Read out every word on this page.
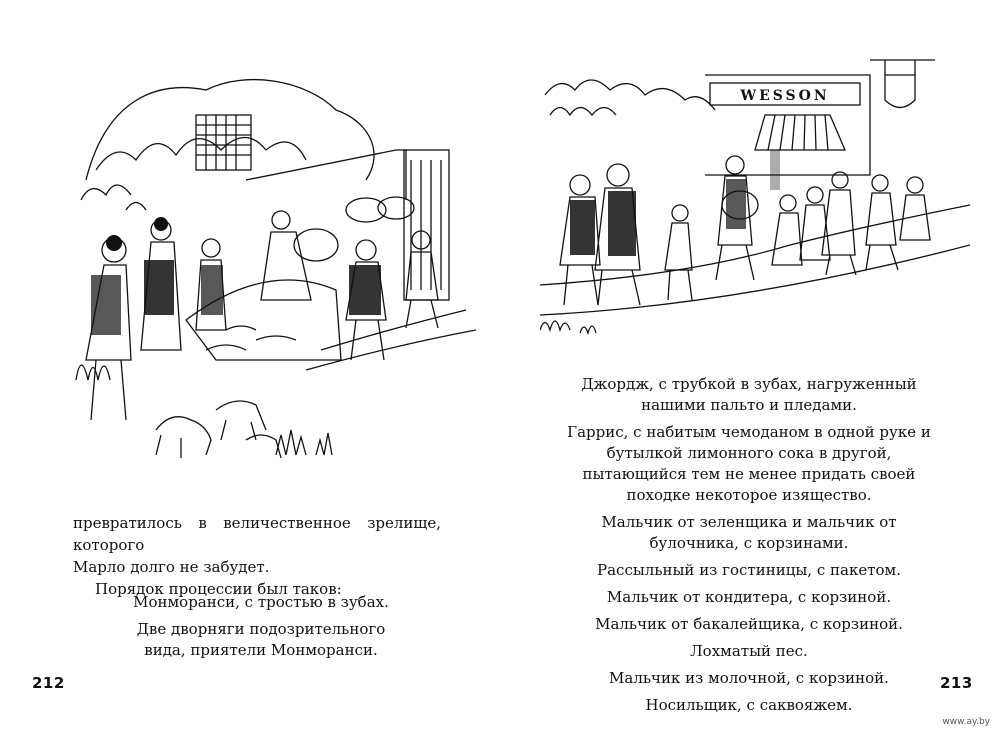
превратилось в величественное зрелище, которого

Марло долго не забудет.

Порядок процессии был таков:

Монморанси, с тростью в зубах.

Две дворняги подозрительного вида, приятели Монморанси.

212
WESSON

Джордж, с трубкой в зубах, нагруженный нашими пальто и пледами.

Гаррис, с набитым чемоданом в одной руке и бутылкой лимонного сока в другой, пытающийся тем не менее придать своей походке некоторое изящество.

Мальчик от зеленщика и мальчик от булочника, с корзинами.

Рассыльный из гостиницы, с пакетом.

Мальчик от кондитера, с корзиной.

Мальчик от бакалейщика, с корзиной.

Лохматый пес.

Мальчик из молочной, с корзиной.

Носильщик, с саквояжем.

213
www.ay.by
